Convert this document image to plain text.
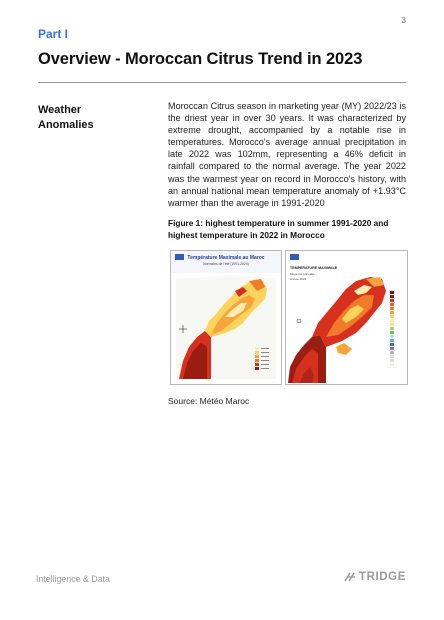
3
Part I
Overview - Moroccan Citrus Trend in 2023
Weather Anomalies
Moroccan Citrus season in marketing year (MY) 2022/23 is the driest year in over 30 years. It was characterized by extreme drought, accompanied by a notable rise in temperatures. Morocco's average annual precipitation in late 2022 was 102mm, representing a 46% deficit in rainfall compared to the normal average. The year 2022 was the warmest year on record in Morocco's history, with an annual national mean temperature anomaly of +1.93°C warmer than the average in 1991-2020
Figure 1: highest temperature in summer 1991-2020 and highest temperature in 2022 in Morocco
Température Maximale au Maroc
Normales de l'été (1991-2020)
TEMPERATURE MAXIMALE
Moyenne annuelle
Année 2022
Source: Météo Maroc
Intelligence & Data	TRIDGE
